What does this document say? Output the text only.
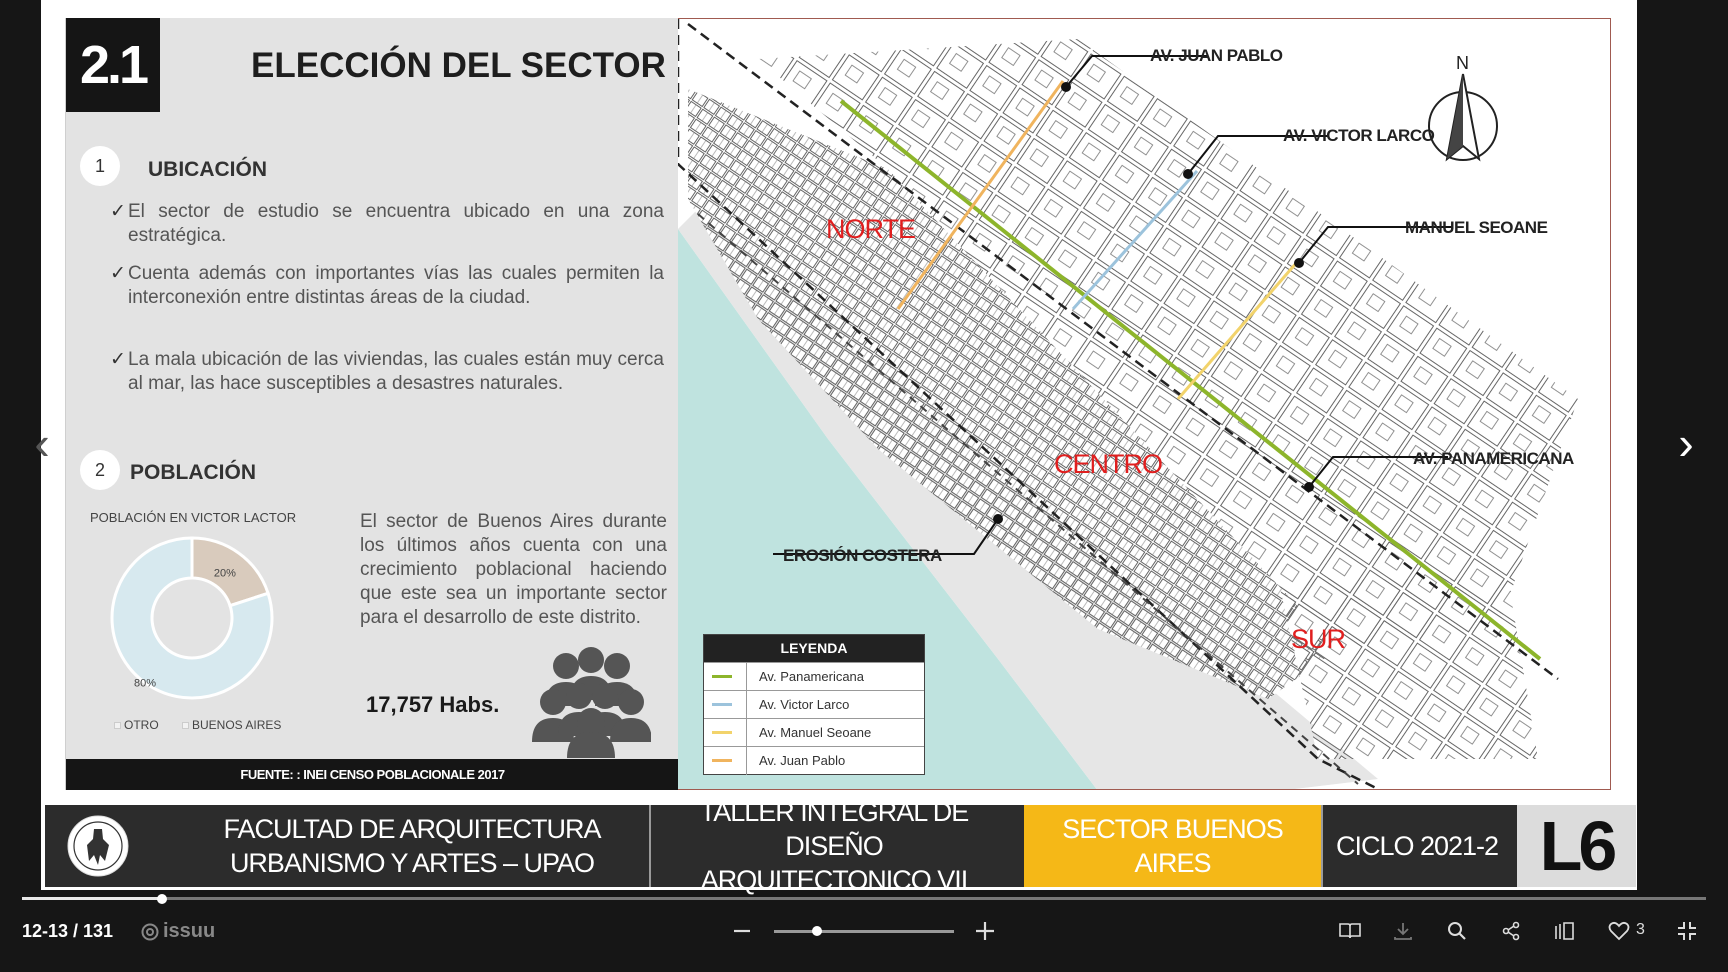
2.1	ELECCIÓN DEL SECTOR
1	UBICACIÓN
✓ El sector de estudio se encuentra ubicado en una zona estratégica.
✓ Cuenta además con importantes vías las cuales permiten la interconexión entre distintas áreas de la ciudad.
✓ La mala ubicación de las viviendas, las cuales están muy cerca al mar, las hace susceptibles a desastres naturales.
2	POBLACIÓN
POBLACIÓN EN VICTOR LACTOR
20%
80%
OTRO	BUENOS AIRES
El sector de Buenos Aires durante los últimos años cuenta con una crecimiento poblacional haciendo que este sea un importante sector para el desarrollo de este distrito.
17,757 Habs.
FUENTE: : INEI CENSO POBLACIONALE 2017
N
AV. JUAN PABLO
AV. VICTOR LARCO
MANUEL SEOANE
AV. PANAMERICANA
EROSIÓN COSTERA
NORTE
CENTRO
SUR
LEYENDA
Av. Panamericana
Av. Victor Larco
Av. Manuel Seoane
Av. Juan Pablo
FACULTAD DE ARQUITECTURA URBANISMO Y ARTES – UPAO
TALLER INTEGRAL DE DISEÑO ARQUITECTONICO VII
SECTOR BUENOS AIRES
CICLO 2021-2 L6
‹	›
12-13 / 131 issuu	3
